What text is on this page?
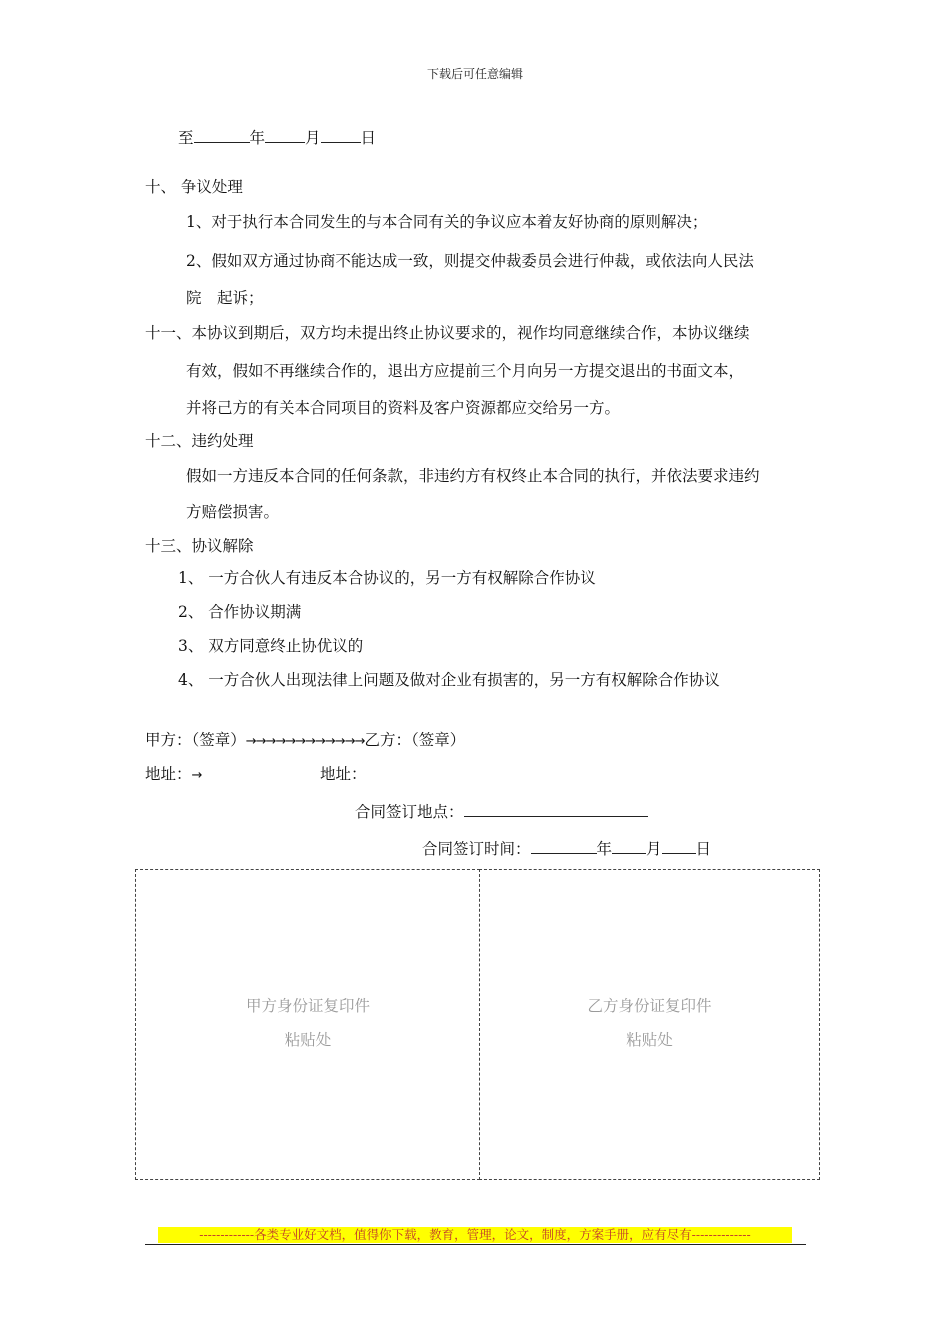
下载后可任意编辑
至	年	月	日
十、 争议处理
1、对于执行本合同发生的与本合同有关的争议应本着友好协商的原则解决；
2、假如双方通过协商不能达成一致，则提交仲裁委员会进行仲裁，或依法向人民法
院　起诉；
十一、本协议到期后，双方均未提出终止协议要求的，视作均同意继续合作，本协议继续
有效，假如不再继续合作的，退出方应提前三个月向另一方提交退出的书面文本，
并将己方的有关本合同项目的资料及客户资源都应交给另一方。
十二、违约处理
假如一方违反本合同的任何条款，非违约方有权终止本合同的执行，并依法要求违约
方赔偿损害。
十三、协议解除
1、 一方合伙人有违反本合协议的，另一方有权解除合作协议
2、 合作协议期满
3、 双方同意终止协优议的
4、 一方合伙人出现法律上问题及做对企业有损害的，另一方有权解除合作协议
甲方：（签章）→→→→→→→→→→→→乙方：（签章）
地址：→	地址：
合同签订地点：
合同签订时间：	年 月 日
甲方身份证复印件
粘贴处
乙方身份证复印件
粘贴处
-------------各类专业好文档，值得你下载，教育，管理，论文，制度，方案手册，应有尽有--------------
